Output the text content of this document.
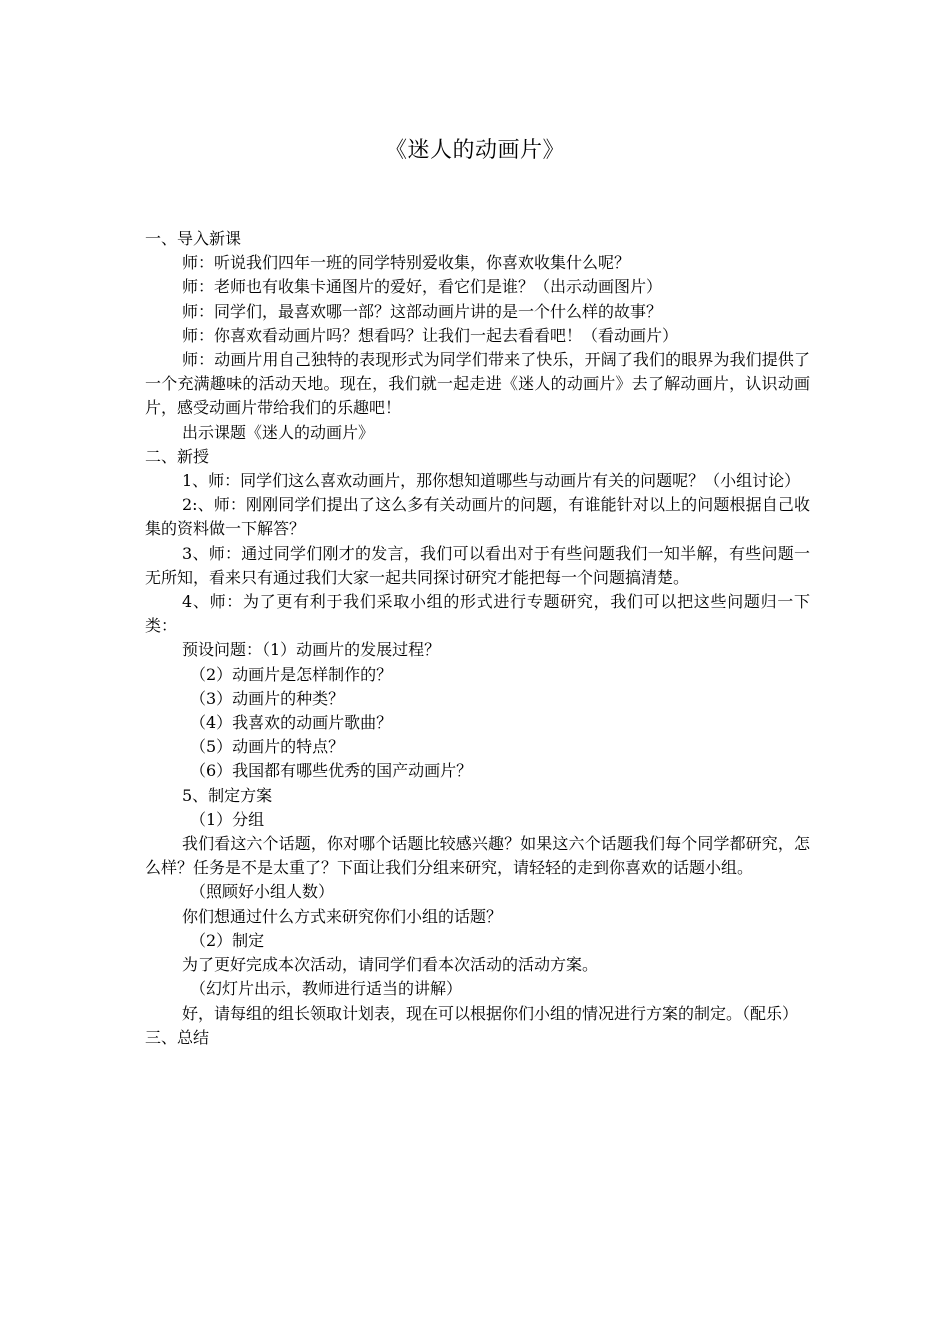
《迷人的动画片》

一、导入新课

师：听说我们四年一班的同学特别爱收集，你喜欢收集什么呢？

师：老师也有收集卡通图片的爱好，看它们是谁？（出示动画图片）

师：同学们，最喜欢哪一部？这部动画片讲的是一个什么样的故事？

师：你喜欢看动画片吗？想看吗？让我们一起去看看吧！（看动画片）

师：动画片用自己独特的表现形式为同学们带来了快乐，开阔了我们的眼界为我们提供了一个充满趣味的活动天地。现在，我们就一起走进《迷人的动画片》去了解动画片，认识动画片，感受动画片带给我们的乐趣吧！

出示课题《迷人的动画片》

二、新授

1、师：同学们这么喜欢动画片，那你想知道哪些与动画片有关的问题呢？（小组讨论）

2:、师：刚刚同学们提出了这么多有关动画片的问题，有谁能针对以上的问题根据自己收集的资料做一下解答？

3、师：通过同学们刚才的发言，我们可以看出对于有些问题我们一知半解，有些问题一无所知，看来只有通过我们大家一起共同探讨研究才能把每一个问题搞清楚。

4、师：为了更有利于我们采取小组的形式进行专题研究，我们可以把这些问题归一下类：

预设问题：（1）动画片的发展过程？

（2）动画片是怎样制作的？

（3）动画片的种类？

（4）我喜欢的动画片歌曲？

（5）动画片的特点？

（6）我国都有哪些优秀的国产动画片？

5、制定方案

（1）分组

我们看这六个话题，你对哪个话题比较感兴趣？如果这六个话题我们每个同学都研究，怎么样？任务是不是太重了？下面让我们分组来研究，请轻轻的走到你喜欢的话题小组。

（照顾好小组人数）

你们想通过什么方式来研究你们小组的话题？

（2）制定

为了更好完成本次活动，请同学们看本次活动的活动方案。

（幻灯片出示，教师进行适当的讲解）

好，请每组的组长领取计划表，现在可以根据你们小组的情况进行方案的制定。（配乐）

三、总结
